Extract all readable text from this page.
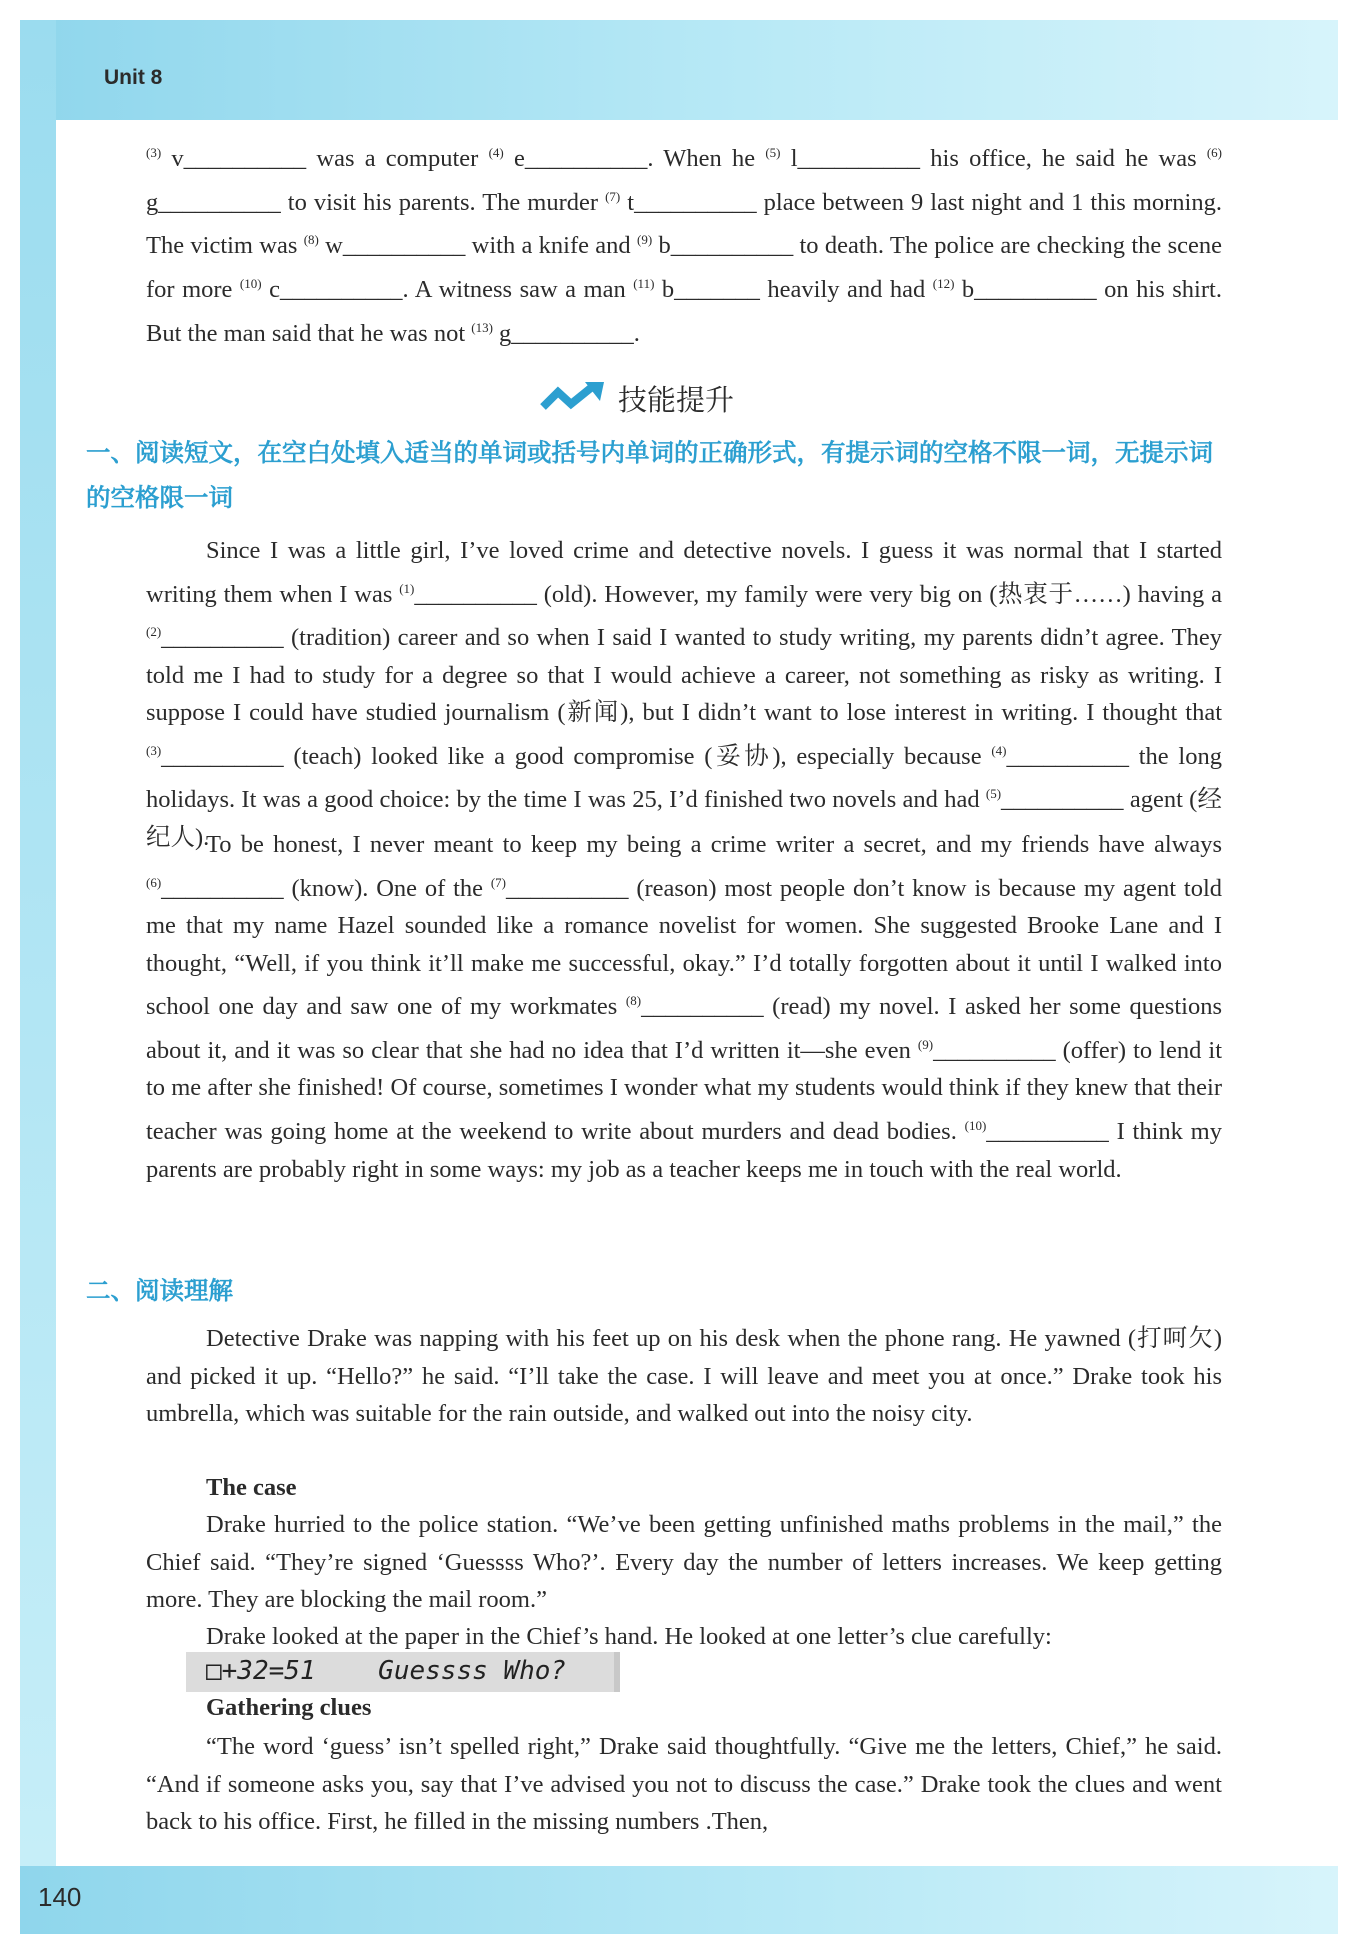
Unit 8

$^{(3)}$ v__________ was a computer $^{(4)}$ e__________. When he $^{(5)}$ l__________ his office, he said he was $^{(6)}$ g__________ to visit his parents. The murder $^{(7)}$ t__________ place between 9 last night and 1 this morning. The victim was $^{(8)}$ w__________ with a knife and $^{(9)}$ b__________ to death. The police are checking the scene for more $^{(10)}$ c__________. A witness saw a man $^{(11)}$ b_______ heavily and had $^{(12)}$ b__________ on his shirt. But the man said that he was not $^{(13)}$ g__________.

技能提升

一、阅读短文，在空白处填入适当的单词或括号内单词的正确形式，有提示词的空格不限一词，无提示词的空格限一词

Since I was a little girl, I’ve loved crime and detective novels. I guess it was normal that I started writing them when I was $^{(1)}$__________ (old). However, my family were very big on (热衷于……) having a $^{(2)}$__________ (tradition) career and so when I said I wanted to study writing, my parents didn’t agree. They told me I had to study for a degree so that I would achieve a career, not something as risky as writing. I suppose I could have studied journalism (新闻), but I didn’t want to lose interest in writing. I thought that $^{(3)}$__________ (teach) looked like a good compromise (妥协), especially because $^{(4)}$__________ the long holidays. It was a good choice: by the time I was 25, I’d finished two novels and had $^{(5)}$__________ agent (经纪人).

To be honest, I never meant to keep my being a crime writer a secret, and my friends have always $^{(6)}$__________ (know). One of the $^{(7)}$__________ (reason) most people don’t know is because my agent told me that my name Hazel sounded like a romance novelist for women. She suggested Brooke Lane and I thought, “Well, if you think it’ll make me successful, okay.” I’d totally forgotten about it until I walked into school one day and saw one of my workmates $^{(8)}$__________ (read) my novel. I asked her some questions about it, and it was so clear that she had no idea that I’d written it—she even $^{(9)}$__________ (offer) to lend it to me after she finished! Of course, sometimes I wonder what my students would think if they knew that their teacher was going home at the weekend to write about murders and dead bodies. $^{(10)}$__________ I think my parents are probably right in some ways: my job as a teacher keeps me in touch with the real world.

二、阅读理解

Detective Drake was napping with his feet up on his desk when the phone rang. He yawned (打呵欠) and picked it up. “Hello?” he said. “I’ll take the case. I will leave and meet you at once.” Drake took his umbrella, which was suitable for the rain outside, and walked out into the noisy city.

The case

Drake hurried to the police station. “We’ve been getting unfinished maths problems in the mail,” the Chief said. “They’re signed ‘Guessss Who?’. Every day the number of letters increases. We keep getting more. They are blocking the mail room.”

Drake looked at the paper in the Chief’s hand. He looked at one letter’s clue carefully:

□+32=51    Guessss Who?
Gathering clues

“The word ‘guess’ isn’t spelled right,” Drake said thoughtfully. “Give me the letters, Chief,” he said. “And if someone asks you, say that I’ve advised you not to discuss the case.” Drake took the clues and went back to his office. First, he filled in the missing numbers .Then,

140
